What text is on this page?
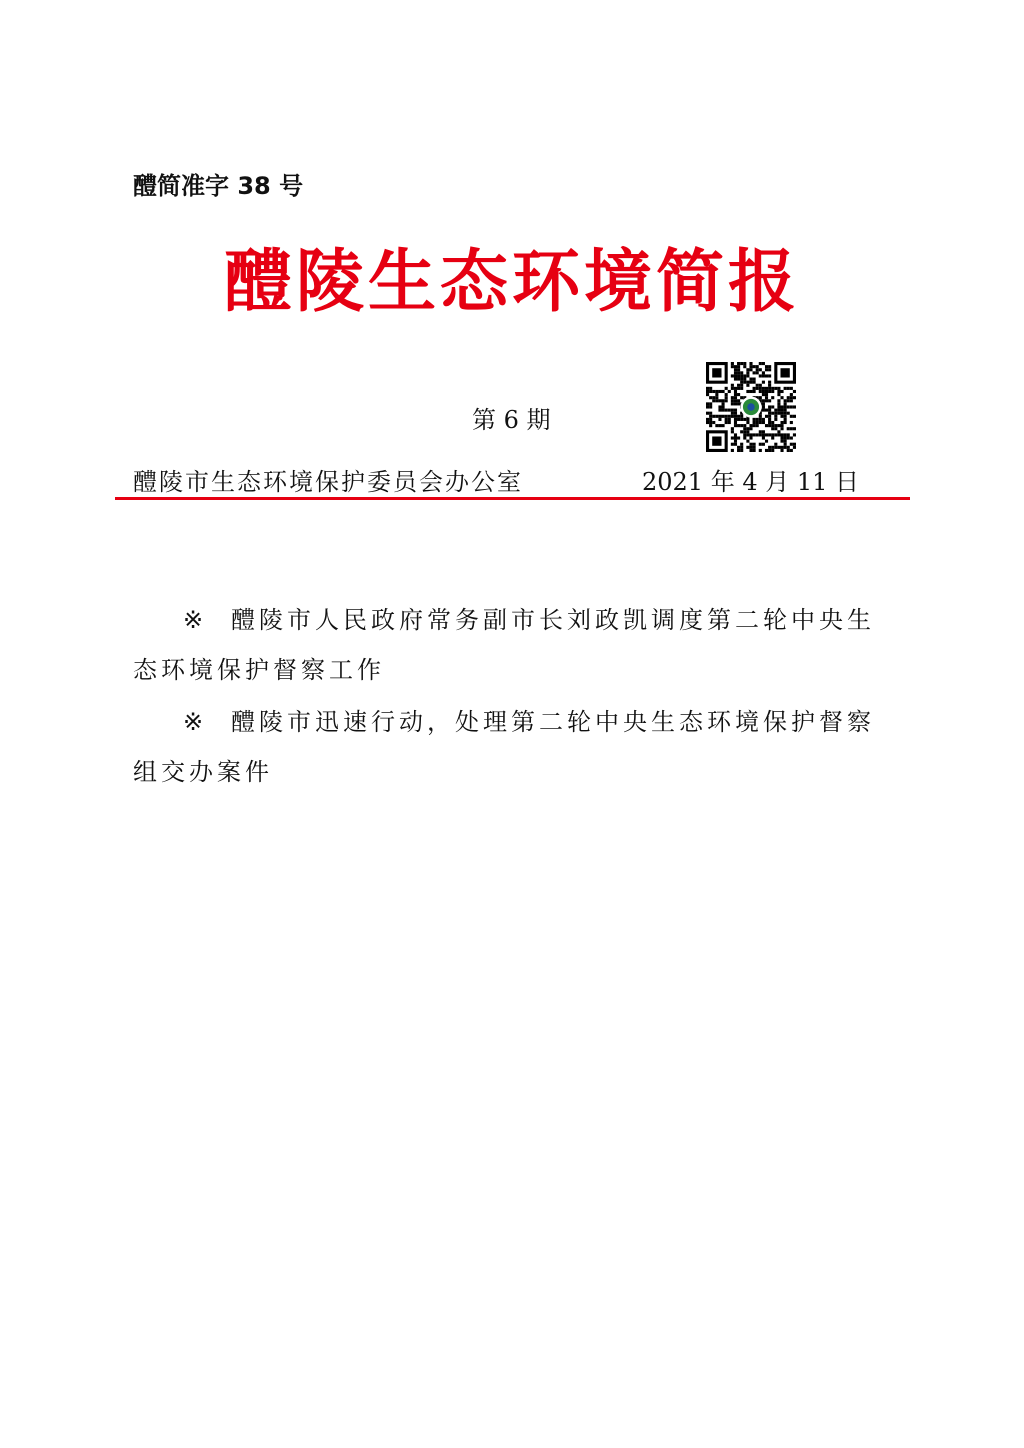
醴简准字 38 号
醴陵生态环境简报
第 6 期
醴陵市生态环境保护委员会办公室	2021 年 4 月 11 日
※ 醴陵市人民政府常务副市长刘政凯调度第二轮中央生态环境保护督察工作
※ 醴陵市迅速行动，处理第二轮中央生态环境保护督察组交办案件
